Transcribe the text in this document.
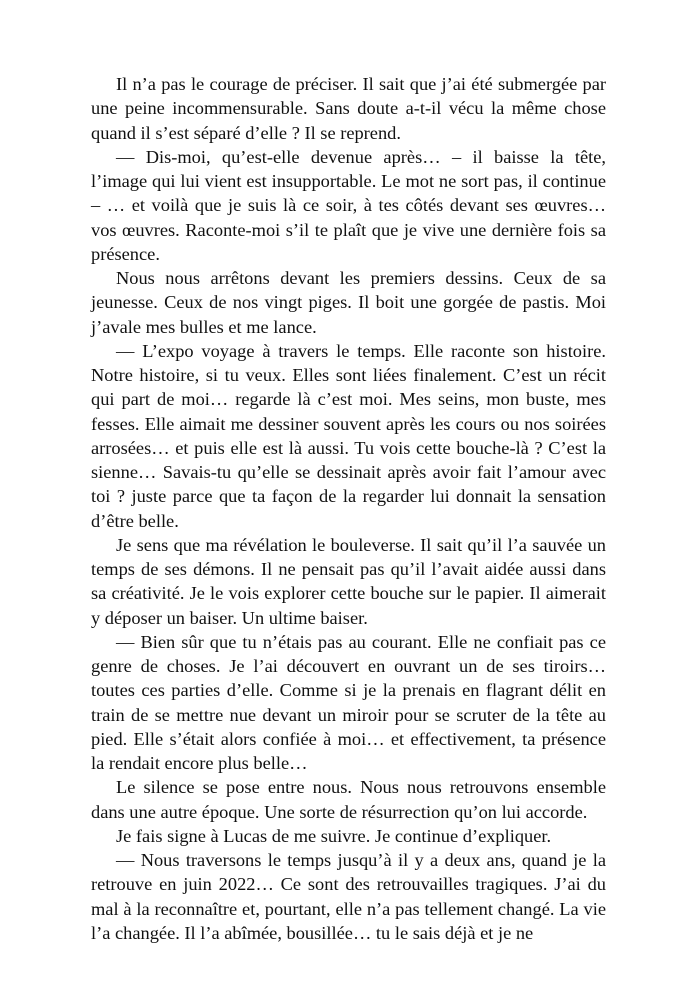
Il n’a pas le courage de préciser. Il sait que j’ai été submergée par une peine incommensurable. Sans doute a-t-il vécu la même chose quand il s’est séparé d’elle ? Il se reprend.

— Dis-moi, qu’est-elle devenue après… – il baisse la tête, l’image qui lui vient est insupportable. Le mot ne sort pas, il continue – … et voilà que je suis là ce soir, à tes côtés devant ses œuvres… vos œuvres. Raconte-moi s’il te plaît que je vive une dernière fois sa présence.

Nous nous arrêtons devant les premiers dessins. Ceux de sa jeunesse. Ceux de nos vingt piges. Il boit une gorgée de pastis. Moi j’avale mes bulles et me lance.

— L’expo voyage à travers le temps. Elle raconte son histoire. Notre histoire, si tu veux. Elles sont liées finalement. C’est un récit qui part de moi… regarde là c’est moi. Mes seins, mon buste, mes fesses. Elle aimait me dessiner souvent après les cours ou nos soirées arrosées… et puis elle est là aussi. Tu vois cette bouche-là ? C’est la sienne… Savais-tu qu’elle se dessinait après avoir fait l’amour avec toi ? juste parce que ta façon de la regarder lui donnait la sensation d’être belle.

Je sens que ma révélation le bouleverse. Il sait qu’il l’a sauvée un temps de ses démons. Il ne pensait pas qu’il l’avait aidée aussi dans sa créativité. Je le vois explorer cette bouche sur le papier. Il aimerait y déposer un baiser. Un ultime baiser.

— Bien sûr que tu n’étais pas au courant. Elle ne confiait pas ce genre de choses. Je l’ai découvert en ouvrant un de ses tiroirs… toutes ces parties d’elle. Comme si je la prenais en flagrant délit en train de se mettre nue devant un miroir pour se scruter de la tête au pied. Elle s’était alors confiée à moi… et effectivement, ta présence la rendait encore plus belle…

Le silence se pose entre nous. Nous nous retrouvons ensemble dans une autre époque. Une sorte de résurrection qu’on lui accorde.

Je fais signe à Lucas de me suivre. Je continue d’expliquer.

— Nous traversons le temps jusqu’à il y a deux ans, quand je la retrouve en juin 2022… Ce sont des retrouvailles tragiques. J’ai du mal à la reconnaître et, pourtant, elle n’a pas tellement changé. La vie l’a changée. Il l’a abîmée, bousillée… tu le sais déjà et je ne
